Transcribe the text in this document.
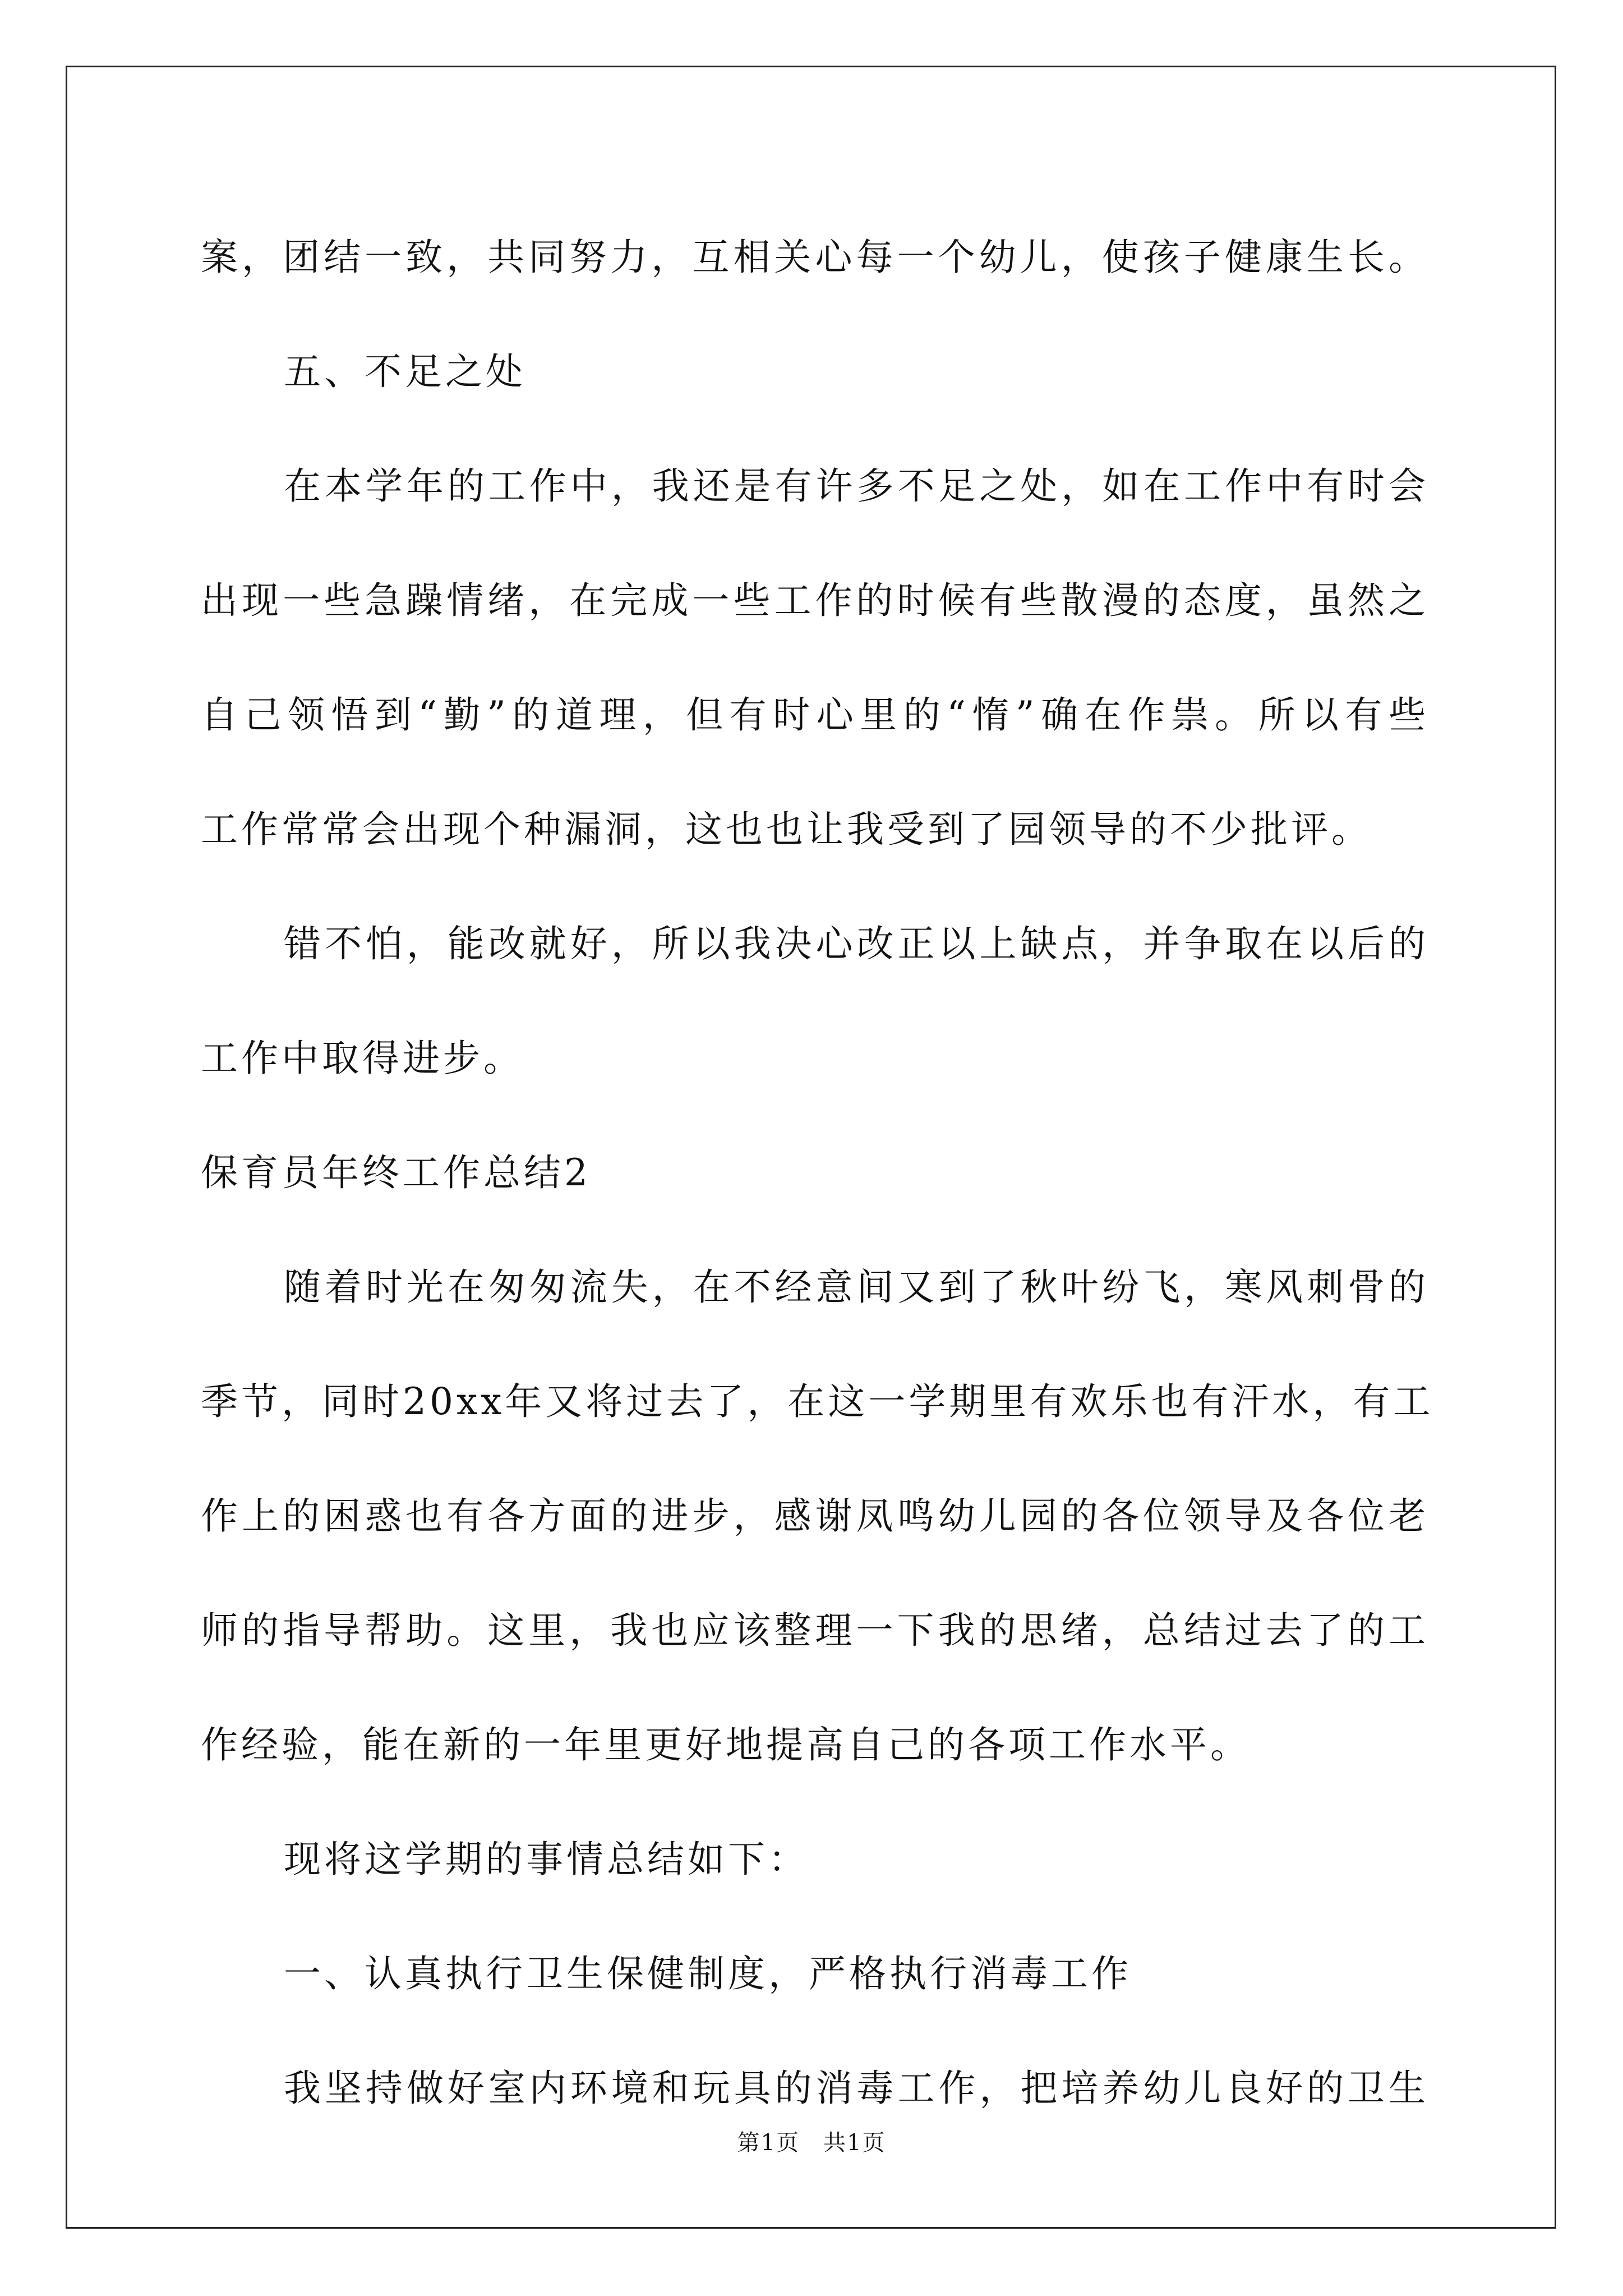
案，团结一致，共同努力，互相关心每一个幼儿，使孩子健康生长。
五、不足之处
在本学年的工作中，我还是有许多不足之处，如在工作中有时会
出现一些急躁情绪，在完成一些工作的时候有些散漫的态度，虽然之
自己领悟到“勤”的道理，但有时心里的“惰”确在作祟。所以有些
工作常常会出现个种漏洞，这也也让我受到了园领导的不少批评。
错不怕，能改就好，所以我决心改正以上缺点，并争取在以后的
工作中取得进步。
保育员年终工作总结2
随着时光在匆匆流失，在不经意间又到了秋叶纷飞，寒风刺骨的
季节，同时20xx年又将过去了，在这一学期里有欢乐也有汗水，有工
作上的困惑也有各方面的进步，感谢凤鸣幼儿园的各位领导及各位老
师的指导帮助。这里，我也应该整理一下我的思绪，总结过去了的工
作经验，能在新的一年里更好地提高自己的各项工作水平。
现将这学期的事情总结如下：
一、认真执行卫生保健制度，严格执行消毒工作
我坚持做好室内环境和玩具的消毒工作，把培养幼儿良好的卫生
第1页　共1页
